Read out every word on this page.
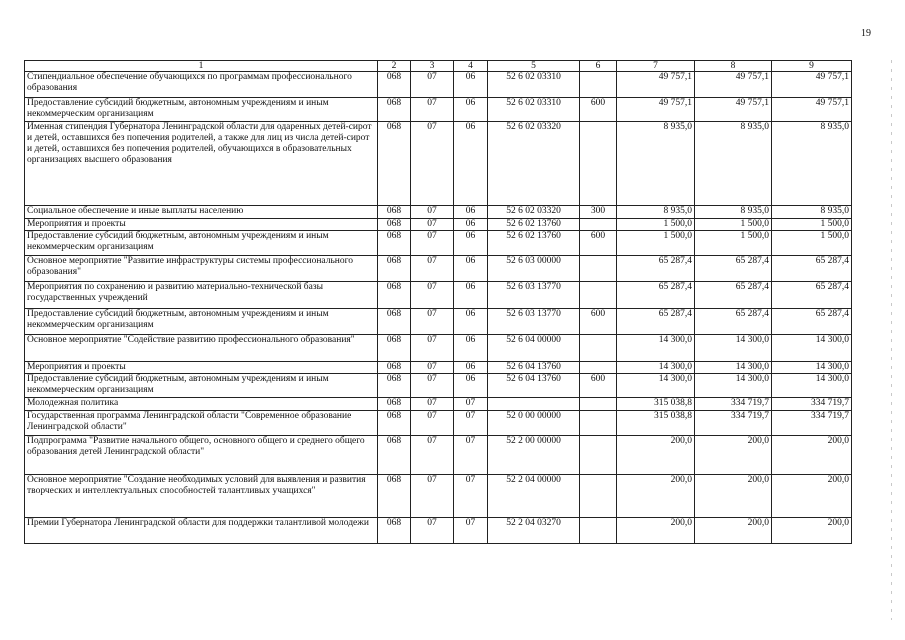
19
1	2	3	4	5	6	7	8	9
Стипендиальное обеспечение обучающихся по программам профессионального образования	068	07	06	52 6 02 03310		49 757,1	49 757,1	49 757,1
Предоставление субсидий бюджетным, автономным учреждениям и иным некоммерческим организациям	068	07	06	52 6 02 03310	600	49 757,1	49 757,1	49 757,1
Именная стипендия Губернатора Ленинградской области для одаренных детей-сирот и детей, оставшихся без попечения родителей, а также для лиц из числа детей-сирот и детей, оставшихся без попечения родителей, обучающихся в образовательных организациях высшего образования	068	07	06	52 6 02 03320		8 935,0	8 935,0	8 935,0
Социальное обеспечение и иные выплаты населению	068	07	06	52 6 02 03320	300	8 935,0	8 935,0	8 935,0
Мероприятия и проекты	068	07	06	52 6 02 13760		1 500,0	1 500,0	1 500,0
Предоставление субсидий бюджетным, автономным учреждениям и иным некоммерческим организациям	068	07	06	52 6 02 13760	600	1 500,0	1 500,0	1 500,0
Основное мероприятие "Развитие инфраструктуры системы профессионального образования"	068	07	06	52 6 03 00000		65 287,4	65 287,4	65 287,4
Мероприятия по сохранению и развитию материально-технической базы государственных учреждений	068	07	06	52 6 03 13770		65 287,4	65 287,4	65 287,4
Предоставление субсидий бюджетным, автономным учреждениям и иным некоммерческим организациям	068	07	06	52 6 03 13770	600	65 287,4	65 287,4	65 287,4
Основное мероприятие "Содействие развитию профессионального образования"	068	07	06	52 6 04 00000		14 300,0	14 300,0	14 300,0
Мероприятия и проекты	068	07	06	52 6 04 13760		14 300,0	14 300,0	14 300,0
Предоставление субсидий бюджетным, автономным учреждениям и иным некоммерческим организациям	068	07	06	52 6 04 13760	600	14 300,0	14 300,0	14 300,0
Молодежная политика	068	07	07			315 038,8	334 719,7	334 719,7
Государственная программа Ленинградской области "Современное образование Ленинградской области"	068	07	07	52 0 00 00000		315 038,8	334 719,7	334 719,7
Подпрограмма "Развитие начального общего, основного общего и среднего общего образования детей Ленинградской области"	068	07	07	52 2 00 00000		200,0	200,0	200,0
Основное мероприятие "Создание необходимых условий для выявления и развития творческих и интеллектуальных способностей талантливых учащихся"	068	07	07	52 2 04 00000		200,0	200,0	200,0
Премии Губернатора Ленинградской области для поддержки талантливой молодежи	068	07	07	52 2 04 03270		200,0	200,0	200,0
